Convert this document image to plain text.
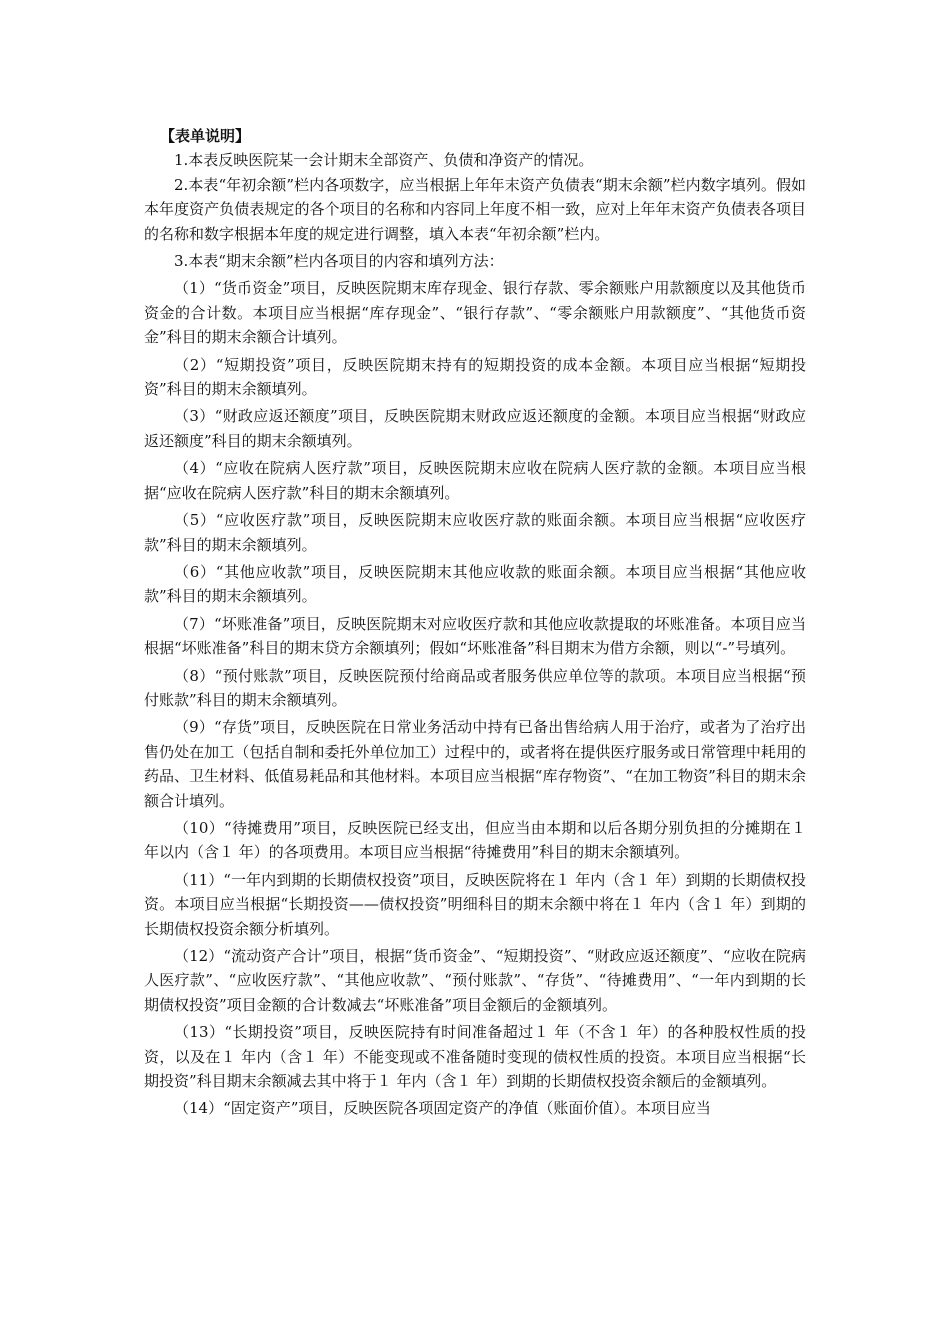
【表单说明】

1.本表反映医院某一会计期末全部资产、负债和净资产的情况。

2.本表“年初余额”栏内各项数字，应当根据上年年末资产负债表“期末余额”栏内数字填列。假如本年度资产负债表规定的各个项目的名称和内容同上年度不相一致，应对上年年末资产负债表各项目的名称和数字根据本年度的规定进行调整，填入本表“年初余额”栏内。

3.本表“期末余额”栏内各项目的内容和填列方法：

（1）“货币资金”项目，反映医院期末库存现金、银行存款、零余额账户用款额度以及其他货币资金的合计数。本项目应当根据“库存现金”、“银行存款”、“零余额账户用款额度”、“其他货币资金”科目的期末余额合计填列。

（2）“短期投资”项目，反映医院期末持有的短期投资的成本金额。本项目应当根据“短期投资”科目的期末余额填列。

（3）“财政应返还额度”项目，反映医院期末财政应返还额度的金额。本项目应当根据“财政应返还额度”科目的期末余额填列。

（4）“应收在院病人医疗款”项目，反映医院期末应收在院病人医疗款的金额。本项目应当根据“应收在院病人医疗款”科目的期末余额填列。

（5）“应收医疗款”项目，反映医院期末应收医疗款的账面余额。本项目应当根据“应收医疗款”科目的期末余额填列。

（6）“其他应收款”项目，反映医院期末其他应收款的账面余额。本项目应当根据“其他应收款”科目的期末余额填列。

（7）“坏账准备”项目，反映医院期末对应收医疗款和其他应收款提取的坏账准备。本项目应当根据“坏账准备”科目的期末贷方余额填列；假如“坏账准备”科目期末为借方余额，则以“-”号填列。

（8）“预付账款”项目，反映医院预付给商品或者服务供应单位等的款项。本项目应当根据“预付账款”科目的期末余额填列。

（9）“存货”项目，反映医院在日常业务活动中持有已备出售给病人用于治疗，或者为了治疗出售仍处在加工（包括自制和委托外单位加工）过程中的，或者将在提供医疗服务或日常管理中耗用的药品、卫生材料、低值易耗品和其他材料。本项目应当根据“库存物资”、“在加工物资”科目的期末余额合计填列。

（10）“待摊费用”项目，反映医院已经支出，但应当由本期和以后各期分别负担的分摊期在１ 年以内（含１ 年）的各项费用。本项目应当根据“待摊费用”科目的期末余额填列。

（11）“一年内到期的长期债权投资”项目，反映医院将在１ 年内（含１ 年）到期的长期债权投资。本项目应当根据“长期投资——债权投资”明细科目的期末余额中将在１ 年内（含１ 年）到期的长期债权投资余额分析填列。

（12）“流动资产合计”项目，根据“货币资金”、“短期投资”、“财政应返还额度”、“应收在院病人医疗款”、“应收医疗款”、“其他应收款”、“预付账款”、“存货”、“待摊费用”、“一年内到期的长期债权投资”项目金额的合计数减去“坏账准备”项目金额后的金额填列。

（13）“长期投资”项目，反映医院持有时间准备超过１ 年（不含１ 年）的各种股权性质的投资，以及在１ 年内（含１ 年）不能变现或不准备随时变现的债权性质的投资。本项目应当根据“长期投资”科目期末余额减去其中将于１ 年内（含１ 年）到期的长期债权投资余额后的金额填列。

（14）“固定资产”项目，反映医院各项固定资产的净值（账面价值）。本项目应当
